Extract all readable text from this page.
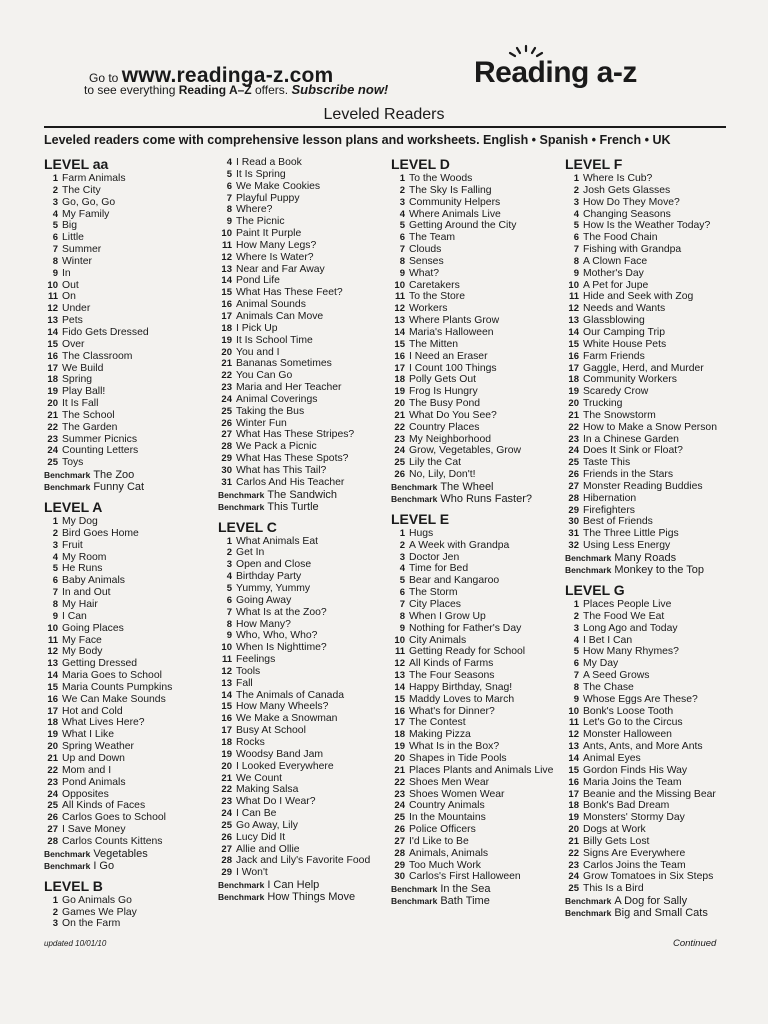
Go to www.readinga-z.com
to see everything Reading A–Z offers. Subscribe now!
Reading a-z
Leveled Readers
Leveled readers come with comprehensive lesson plans and worksheets. English • Spanish • French • UK
LEVEL aa
1 Farm Animals
2 The City
3 Go, Go, Go
4 My Family
5 Big
6 Little
7 Summer
8 Winter
9 In
10 Out
11 On
12 Under
13 Pets
14 Fido Gets Dressed
15 Over
16 The Classroom
17 We Build
18 Spring
19 Play Ball!
20 It Is Fall
21 The School
22 The Garden
23 Summer Picnics
24 Counting Letters
25 Toys
Benchmark The Zoo
Benchmark Funny Cat
LEVEL A
1 My Dog
2 Bird Goes Home
3 Fruit
4 My Room
5 He Runs
6 Baby Animals
7 In and Out
8 My Hair
9 I Can
10 Going Places
11 My Face
12 My Body
13 Getting Dressed
14 Maria Goes to School
15 Maria Counts Pumpkins
16 We Can Make Sounds
17 Hot and Cold
18 What Lives Here?
19 What I Like
20 Spring Weather
21 Up and Down
22 Mom and I
23 Pond Animals
24 Opposites
25 All Kinds of Faces
26 Carlos Goes to School
27 I Save Money
28 Carlos Counts Kittens
Benchmark Vegetables
Benchmark I Go
LEVEL B
1 Go Animals Go
2 Games We Play
3 On the Farm
4 I Read a Book
5 It Is Spring
6 We Make Cookies
7 Playful Puppy
8 Where?
9 The Picnic
10 Paint It Purple
11 How Many Legs?
12 Where Is Water?
13 Near and Far Away
14 Pond Life
15 What Has These Feet?
16 Animal Sounds
17 Animals Can Move
18 I Pick Up
19 It Is School Time
20 You and I
21 Bananas Sometimes
22 You Can Go
23 Maria and Her Teacher
24 Animal Coverings
25 Taking the Bus
26 Winter Fun
27 What Has These Stripes?
28 We Pack a Picnic
29 What Has These Spots?
30 What has This Tail?
31 Carlos And His Teacher
Benchmark The Sandwich
Benchmark This Turtle
LEVEL C
1 What Animals Eat
2 Get In
3 Open and Close
4 Birthday Party
5 Yummy, Yummy
6 Going Away
7 What Is at the Zoo?
8 How Many?
9 Who, Who, Who?
10 When Is Nighttime?
11 Feelings
12 Tools
13 Fall
14 The Animals of Canada
15 How Many Wheels?
16 We Make a Snowman
17 Busy At School
18 Rocks
19 Woodsy Band Jam
20 I Looked Everywhere
21 We Count
22 Making Salsa
23 What Do I Wear?
24 I Can Be
25 Go Away, Lily
26 Lucy Did It
27 Allie and Ollie
28 Jack and Lily's Favorite Food
29 I Won't
Benchmark I Can Help
Benchmark How Things Move
LEVEL D
1 To the Woods
2 The Sky Is Falling
3 Community Helpers
4 Where Animals Live
5 Getting Around the City
6 The Team
7 Clouds
8 Senses
9 What?
10 Caretakers
11 To the Store
12 Workers
13 Where Plants Grow
14 Maria's Halloween
15 The Mitten
16 I Need an Eraser
17 I Count 100 Things
18 Polly Gets Out
19 Frog Is Hungry
20 The Busy Pond
21 What Do You See?
22 Country Places
23 My Neighborhood
24 Grow, Vegetables, Grow
25 Lily the Cat
26 No, Lily, Don't!
Benchmark The Wheel
Benchmark Who Runs Faster?
LEVEL E
1 Hugs
2 A Week with Grandpa
3 Doctor Jen
4 Time for Bed
5 Bear and Kangaroo
6 The Storm
7 City Places
8 When I Grow Up
9 Nothing for Father's Day
10 City Animals
11 Getting Ready for School
12 All Kinds of Farms
13 The Four Seasons
14 Happy Birthday, Snag!
15 Maddy Loves to March
16 What's for Dinner?
17 The Contest
18 Making Pizza
19 What Is in the Box?
20 Shapes in Tide Pools
21 Places Plants and Animals Live
22 Shoes Men Wear
23 Shoes Women Wear
24 Country Animals
25 In the Mountains
26 Police Officers
27 I'd Like to Be
28 Animals, Animals
29 Too Much Work
30 Carlos's First Halloween
Benchmark In the Sea
Benchmark Bath Time
LEVEL F
1 Where Is Cub?
2 Josh Gets Glasses
3 How Do They Move?
4 Changing Seasons
5 How Is the Weather Today?
6 The Food Chain
7 Fishing with Grandpa
8 A Clown Face
9 Mother's Day
10 A Pet for Jupe
11 Hide and Seek with Zog
12 Needs and Wants
13 Glassblowing
14 Our Camping Trip
15 White House Pets
16 Farm Friends
17 Gaggle, Herd, and Murder
18 Community Workers
19 Scaredy Crow
20 Trucking
21 The Snowstorm
22 How to Make a Snow Person
23 In a Chinese Garden
24 Does It Sink or Float?
25 Taste This
26 Friends in the Stars
27 Monster Reading Buddies
28 Hibernation
29 Firefighters
30 Best of Friends
31 The Three Little Pigs
32 Using Less Energy
Benchmark Many Roads
Benchmark Monkey to the Top
LEVEL G
1 Places People Live
2 The Food We Eat
3 Long Ago and Today
4 I Bet I Can
5 How Many Rhymes?
6 My Day
7 A Seed Grows
8 The Chase
9 Whose Eggs Are These?
10 Bonk's Loose Tooth
11 Let's Go to the Circus
12 Monster Halloween
13 Ants, Ants, and More Ants
14 Animal Eyes
15 Gordon Finds His Way
16 Maria Joins the Team
17 Beanie and the Missing Bear
18 Bonk's Bad Dream
19 Monsters' Stormy Day
20 Dogs at Work
21 Billy Gets Lost
22 Signs Are Everywhere
23 Carlos Joins the Team
24 Grow Tomatoes in Six Steps
25 This Is a Bird
Benchmark A Dog for Sally
Benchmark Big and Small Cats
updated 10/01/10	Continued
